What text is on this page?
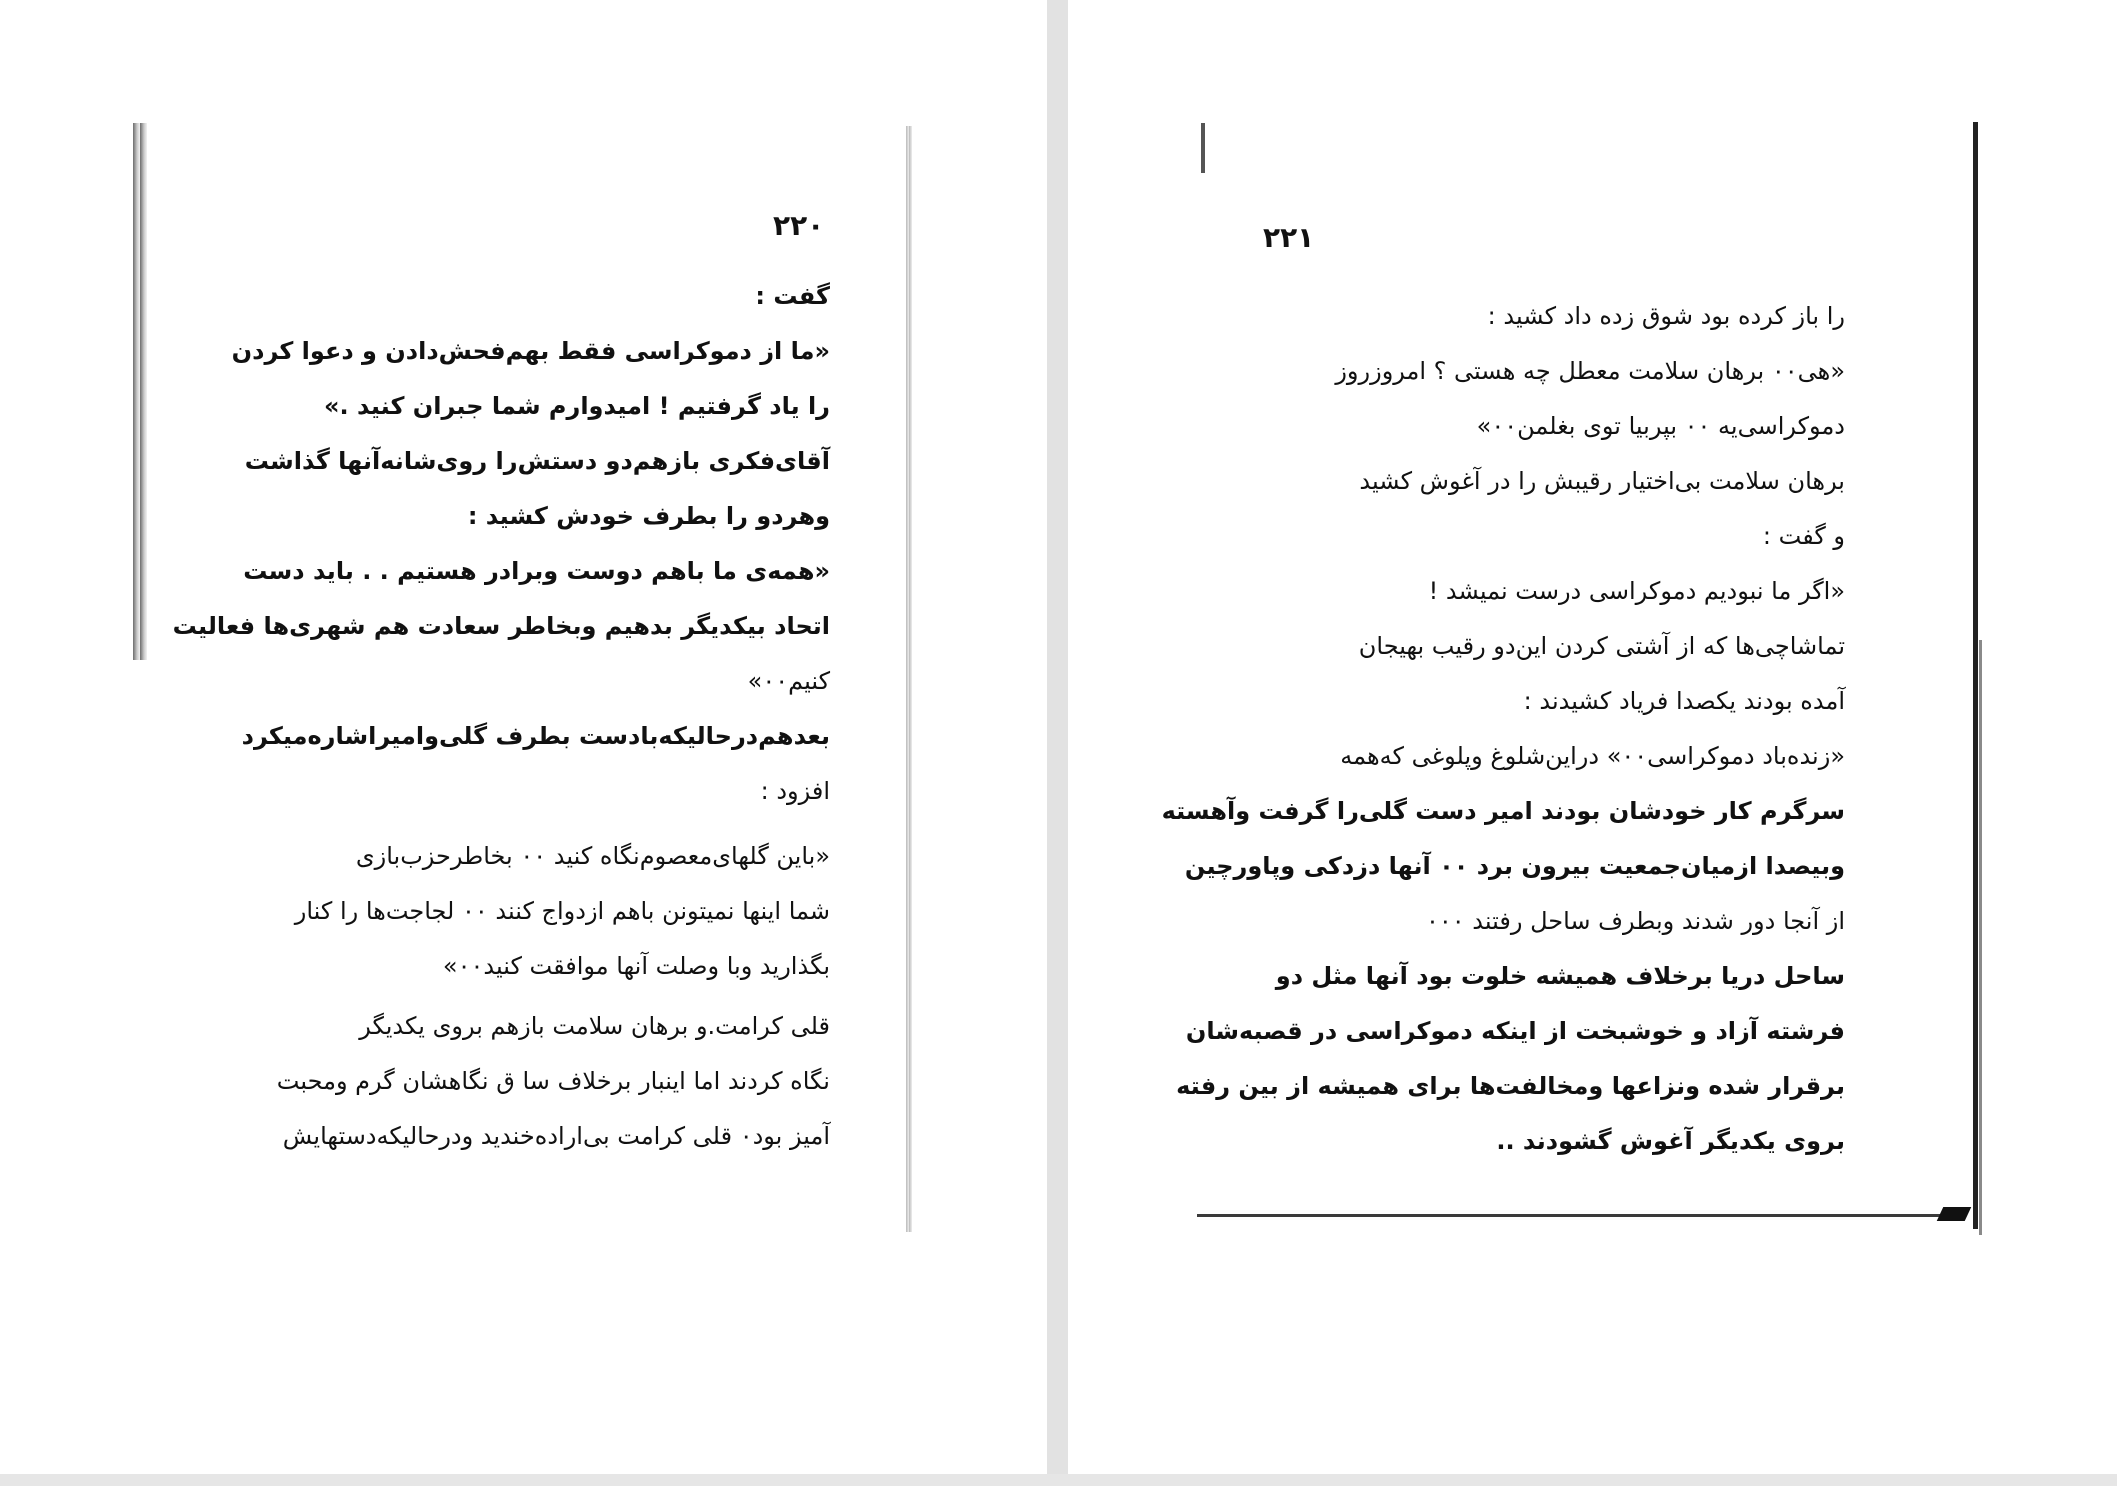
۲۲۰
گفت :
«ما از دموکراسی فقط بهم‌فحش‌دادن و دعوا کردن
را یاد گرفتیم ! امیدوارم شما جبران کنید .»
آقای‌فکری بازهم‌دو دستش‌را روی‌شانه‌آنها گذاشت
وهردو را بطرف خودش کشید :
«همه‌ی ما باهم دوست وبرادر هستیم . . باید دست
اتحاد بیکدیگر بدهیم وبخاطر سعادت هم شهری‌ها فعالیت
کنیم٠٠»
بعدهم‌درحالیکه‌بادست بطرف گلی‌وامیراشاره‌میکرد
افزود :
«باین گلهای‌معصوم‌نگاه کنید ٠٠ بخاطرحزب‌بازی
شما اینها نمیتونن باهم ازدواج کنند ٠٠ لجاجت‌ها را کنار
بگذارید وبا وصلت آنها موافقت کنید٠٠»
قلی کرامت.و برهان سلامت بازهم بروی یکدیگر
نگاه کردند اما اینبار برخلاف سا ق نگاهشان گرم ومحبت
آمیز بود٠ قلی کرامت بی‌اراده‌خندید ودرحالیکه‌دستهایش
۲۲۱
را باز کرده بود شوق زده داد کشید :
«هی٠٠ برهان سلامت معطل چه هستی ؟ امروزروز
دموکراسی‌یه ٠٠ بپربیا توی بغلمن٠٠»
برهان سلامت بی‌اختیار رقیبش را در آغوش کشید
و گفت :
«اگر ما نبودیم دموکراسی درست نمیشد !
تماشاچی‌ها که از آشتی کردن این‌دو رقیب بهیجان
آمده بودند یکصدا فریاد کشیدند :
«زنده‌باد دموکراسی٠٠» دراین‌شلوغ وپلوغی که‌همه
سرگرم کار خودشان بودند امیر دست گلی‌را گرفت وآهسته
وبیصدا ازمیان‌جمعیت بیرون برد ٠٠ آنها دزدکی وپاورچین
از آنجا دور شدند وبطرف ساحل رفتند ٠٠٠
ساحل دریا برخلاف همیشه خلوت بود آنها مثل دو
فرشته آزاد و خوشبخت از اینکه دموکراسی در قصبه‌شان
برقرار شده ونزاعها ومخالفت‌ها برای همیشه از بین رفته
بروی یکدیگر آغوش گشودند ..
